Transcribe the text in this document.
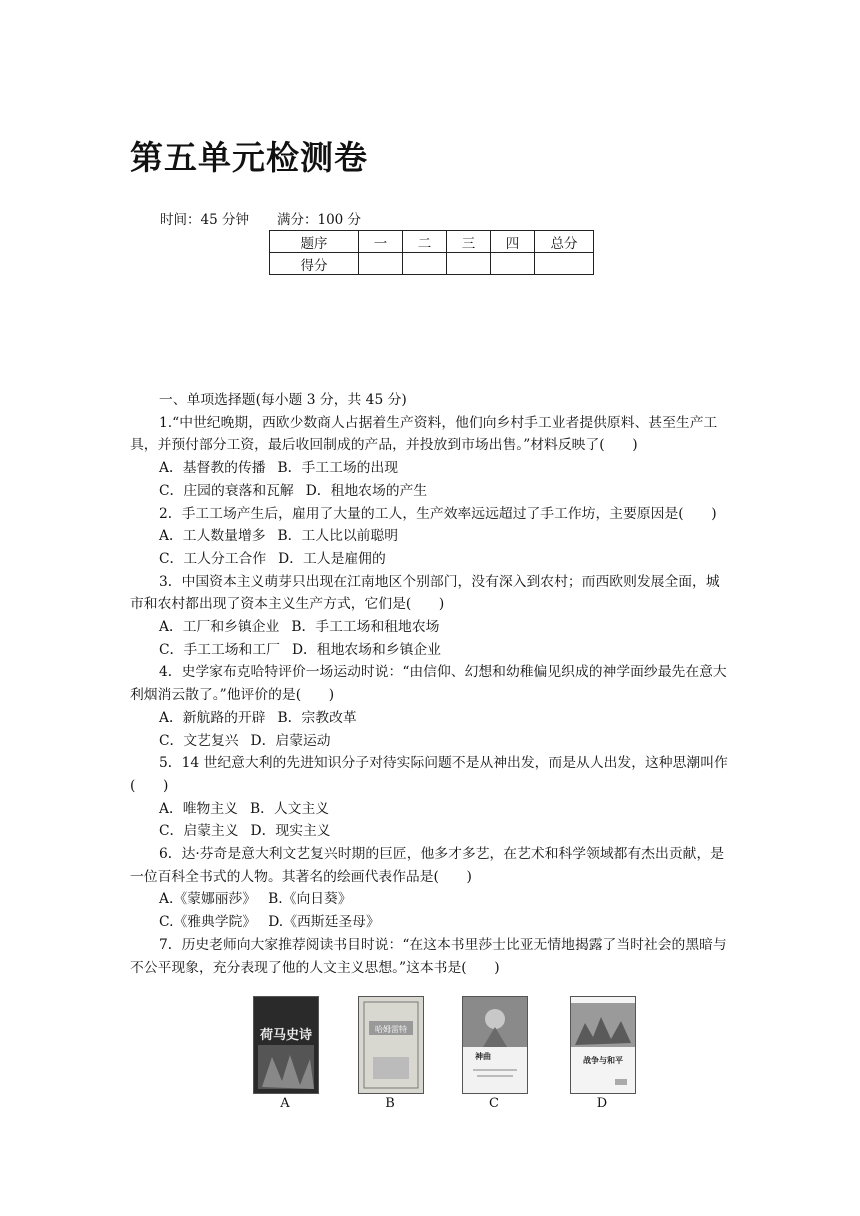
第五单元检测卷
时间：45 分钟 满分：100 分
题序	一	二	三	四	总分
得分					

一、单项选择题(每小题 3 分，共 45 分)

1.“中世纪晚期，西欧少数商人占据着生产资料，他们向乡村手工业者提供原料、甚至生产工具，并预付部分工资，最后收回制成的产品，并投放到市场出售。”材料反映了(　　)

A．基督教的传播 B．手工工场的出现

C．庄园的衰落和瓦解 D．租地农场的产生

2．手工工场产生后，雇用了大量的工人，生产效率远远超过了手工作坊，主要原因是(　　)

A．工人数量增多 B．工人比以前聪明

C．工人分工合作 D．工人是雇佣的

3．中国资本主义萌芽只出现在江南地区个别部门，没有深入到农村；而西欧则发展全面，城市和农村都出现了资本主义生产方式，它们是(　　)

A．工厂和乡镇企业 B．手工工场和租地农场

C．手工工场和工厂 D．租地农场和乡镇企业

4．史学家布克哈特评价一场运动时说：“由信仰、幻想和幼稚偏见织成的神学面纱最先在意大利烟消云散了。”他评价的是(　　)

A．新航路的开辟 B．宗教改革

C．文艺复兴 D．启蒙运动

5．14 世纪意大利的先进知识分子对待实际问题不是从神出发，而是从人出发，这种思潮叫作(　　)

A．唯物主义 B．人文主义

C．启蒙主义 D．现实主义

6．达·芬奇是意大利文艺复兴时期的巨匠，他多才多艺，在艺术和科学领域都有杰出贡献，是一位百科全书式的人物。其著名的绘画代表作品是(　　)

A.《蒙娜丽莎》 B.《向日葵》

C.《雅典学院》 D.《西斯廷圣母》

7．历史老师向大家推荐阅读书目时说：“在这本书里莎士比亚无情地揭露了当时社会的黑暗与不公平现象，充分表现了他的人文主义思想。”这本书是(　　)

荷马史诗
A
哈姆雷特
B
神曲
C
战争与和平
D
